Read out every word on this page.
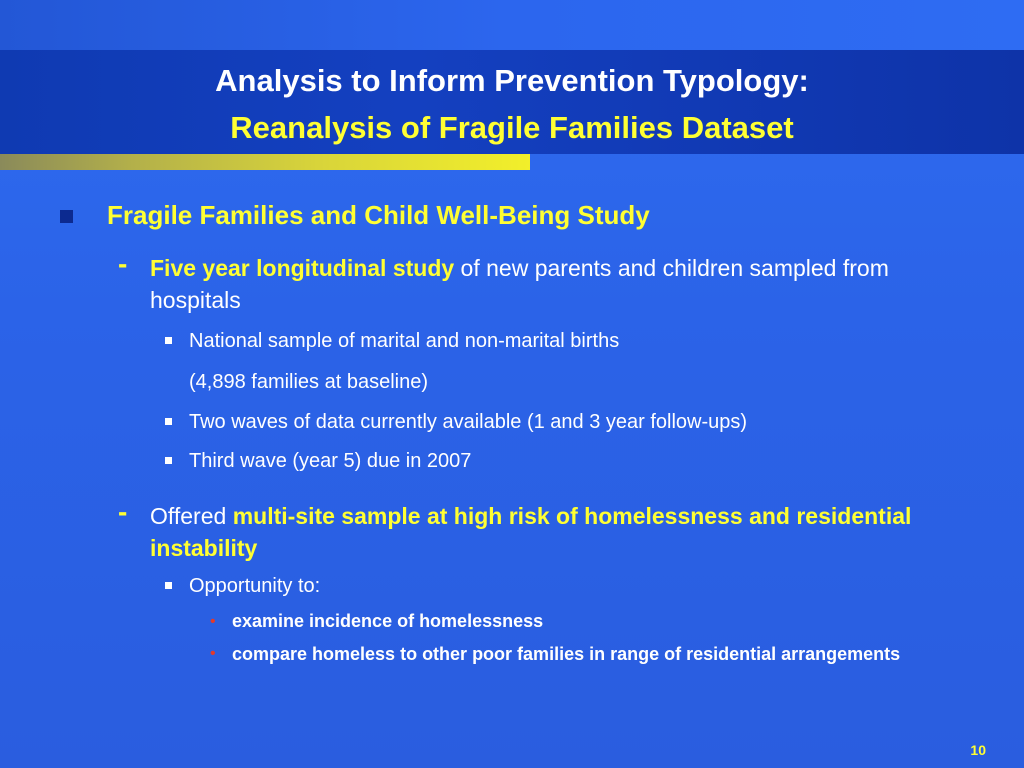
Analysis to Inform Prevention Typology:
Reanalysis of Fragile Families Dataset
Fragile Families and Child Well-Being Study
- Five year longitudinal study of new parents and children sampled from hospitals
National sample of marital and non-marital births
(4,898 families at baseline)
Two waves of data currently available (1 and 3 year follow-ups)
Third wave (year 5) due in 2007
- Offered multi-site sample at high risk of homelessness and residential instability
Opportunity to:
• examine incidence of homelessness
• compare homeless to other poor families in range of residential arrangements
10
